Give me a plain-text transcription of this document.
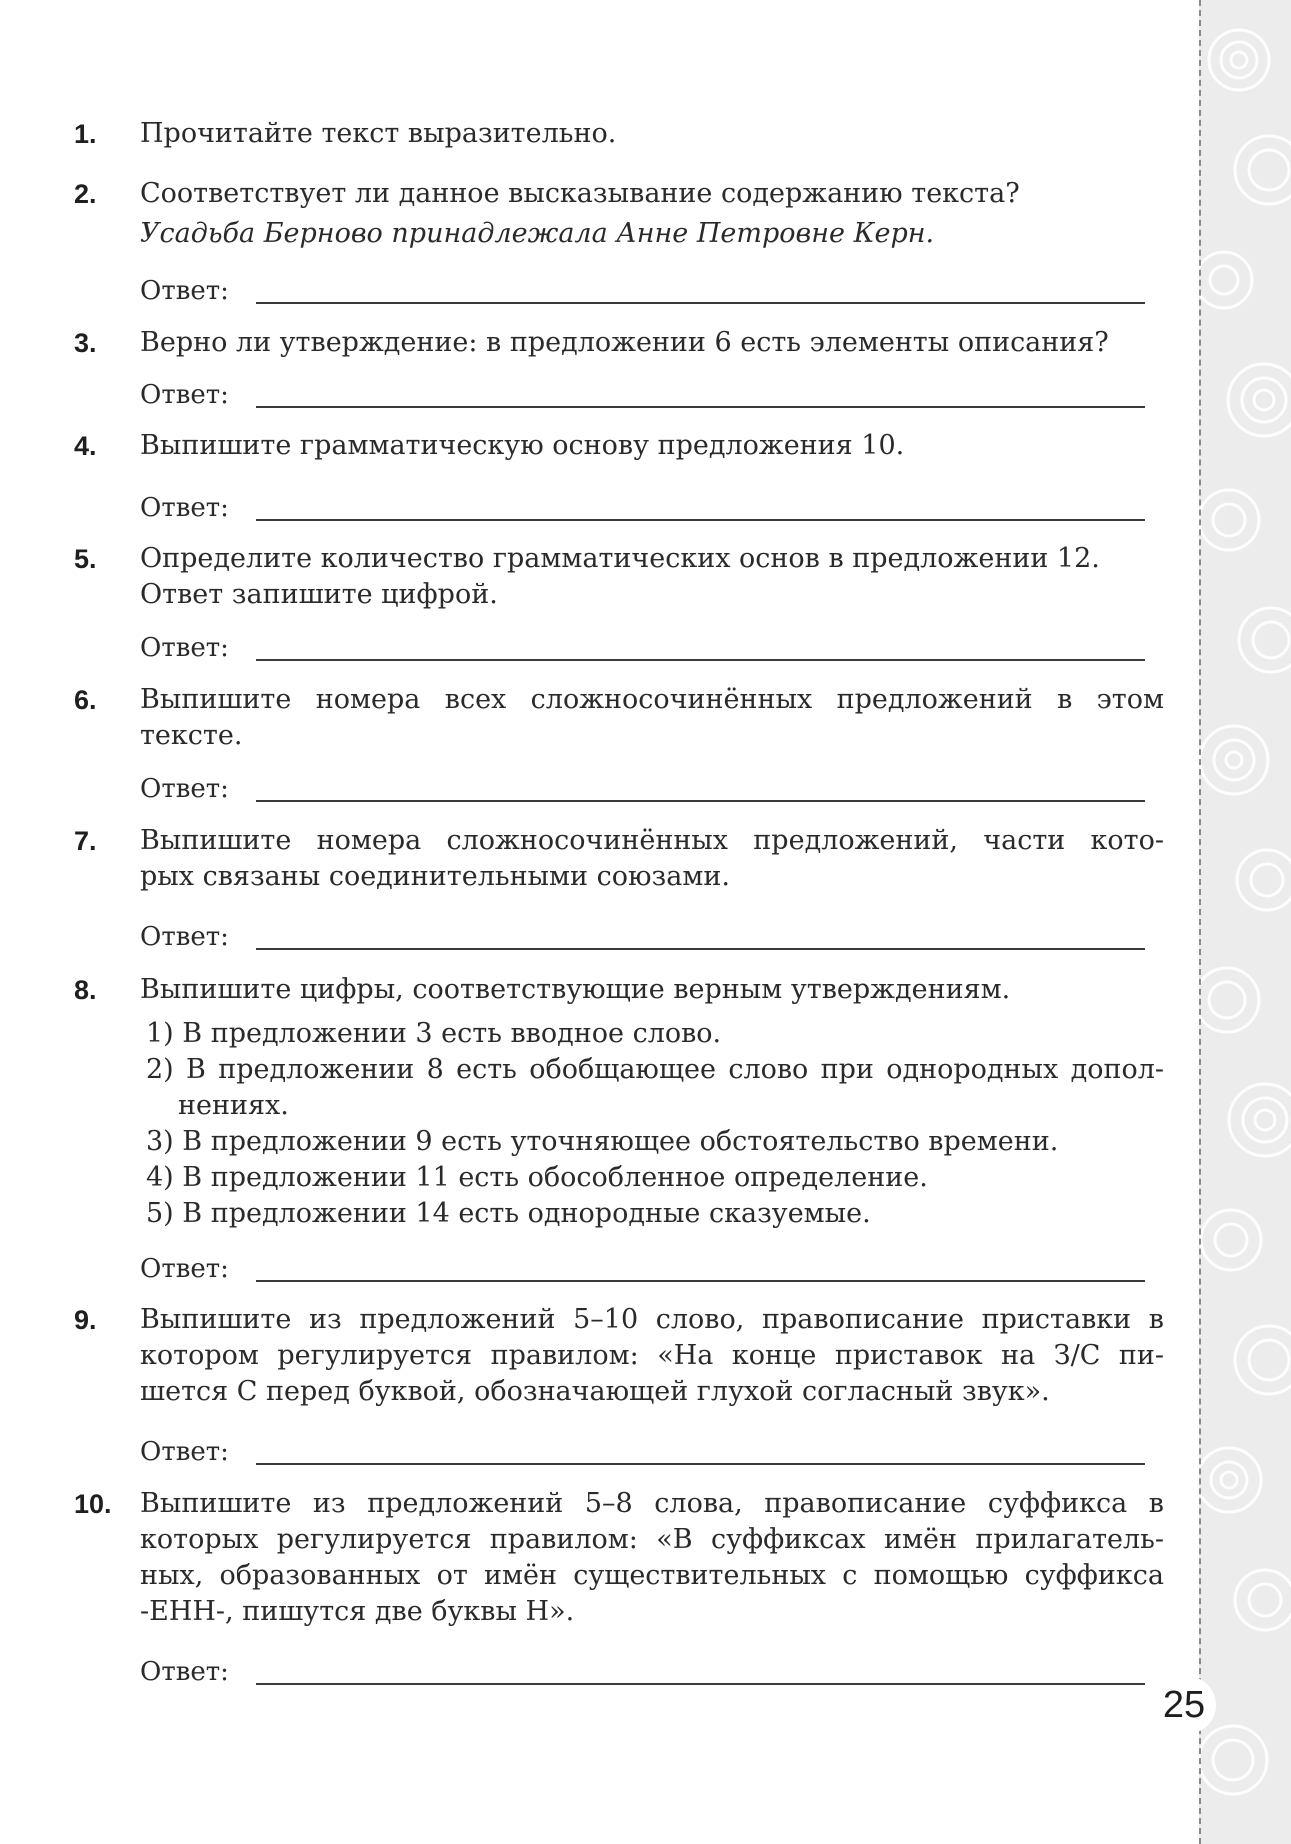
1.	Прочитайте текст выразительно.
2.	Соответствует ли данное высказывание содержанию текста?
Усадьба Берново принадлежала Анне Петровне Керн.
Ответ:
3.	Верно ли утверждение: в предложении 6 есть элементы описания?
Ответ:
4.	Выпишите грамматическую основу предложения 10.
Ответ:
5.	Определите количество грамматических основ в предложении 12.
Ответ запишите цифрой.
Ответ:
6.	Выпишите номера всех сложносочинённых предложений в этом
тексте.
Ответ:
7.	Выпишите номера сложносочинённых предложений, части кото-
рых связаны соединительными союзами.
Ответ:
8.	Выпишите цифры, соответствующие верным утверждениям.
1) В предложении 3 есть вводное слово.
2) В предложении 8 есть обобщающее слово при однородных допол-
нениях.
3) В предложении 9 есть уточняющее обстоятельство времени.
4) В предложении 11 есть обособленное определение.
5) В предложении 14 есть однородные сказуемые.
Ответ:
9.	Выпишите из предложений 5–10 слово, правописание приставки в
котором регулируется правилом: «На конце приставок на З/С пи-
шется С перед буквой, обозначающей глухой согласный звук».
Ответ:
10.	Выпишите из предложений 5–8 слова, правописание суффикса в
которых регулируется правилом: «В суффиксах имён прилагатель-
ных, образованных от имён существительных с помощью суффикса
-ЕНН-, пишутся две буквы Н».
Ответ:
25
